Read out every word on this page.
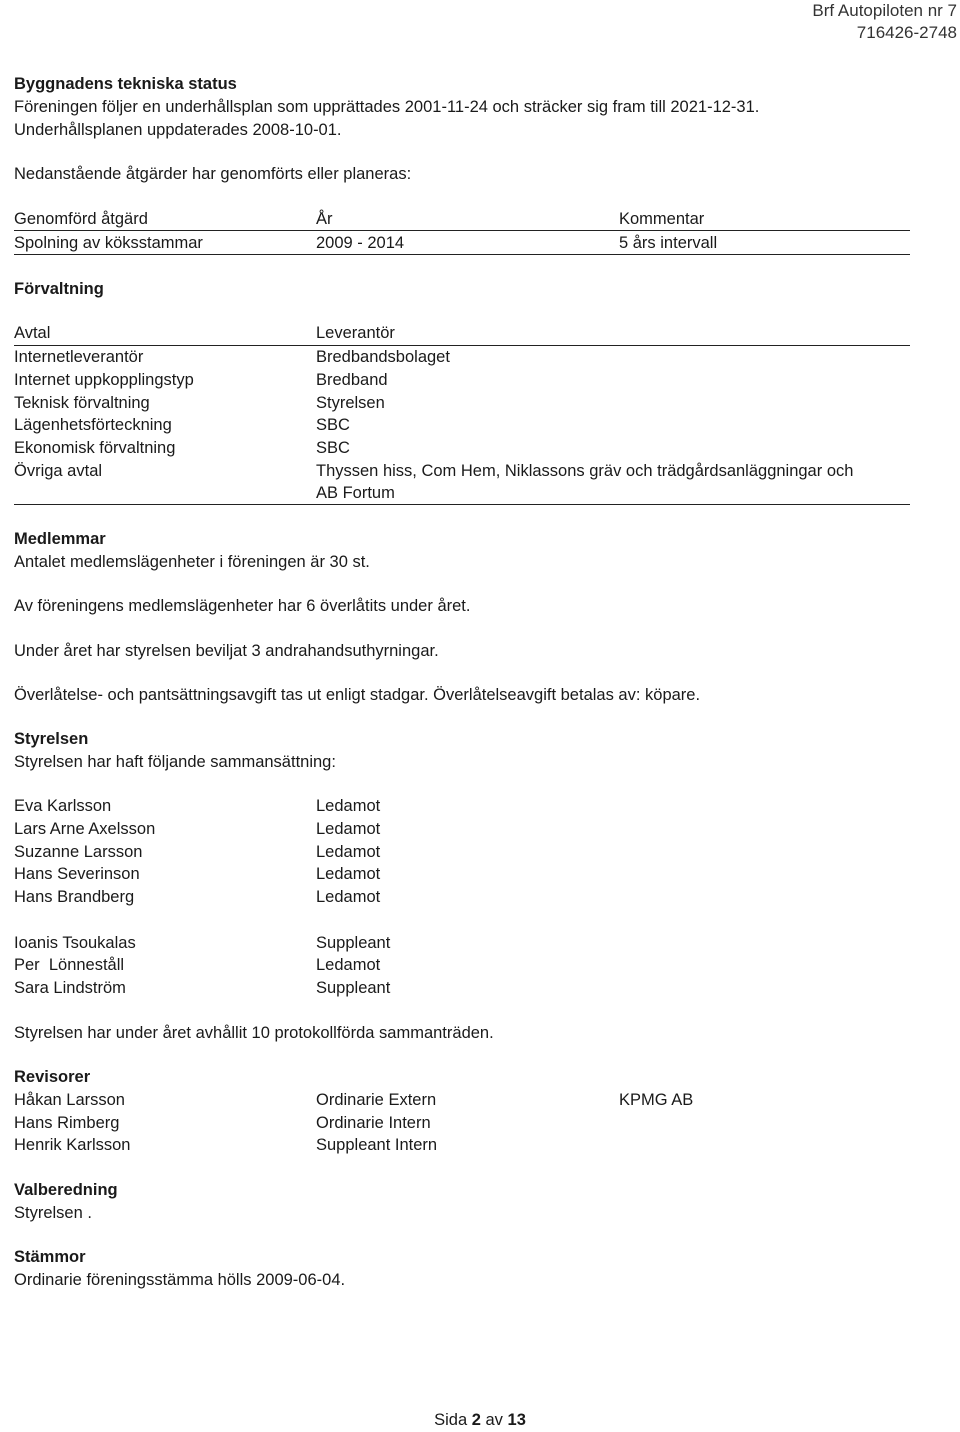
Brf Autopiloten nr 7
716426-2748
Byggnadens tekniska status
Föreningen följer en underhållsplan som upprättades 2001-11-24 och sträcker sig fram till 2021-12-31.
Underhållsplanen uppdaterades 2008-10-01.
Nedanstående åtgärder har genomförts eller planeras:
Genomförd åtgärd	År	Kommentar
Spolning av köksstammar	2009 - 2014	5 års intervall
Förvaltning
Avtal	Leverantör
Internetleverantör	Bredbandsbolaget
Internet uppkopplingstyp	Bredband
Teknisk förvaltning	Styrelsen
Lägenhetsförteckning	SBC
Ekonomisk förvaltning	SBC
Övriga avtal	Thyssen hiss, Com Hem, Niklassons gräv och trädgårdsanläggningar och
AB Fortum
Medlemmar
Antalet medlemslägenheter i föreningen är 30 st.
Av föreningens medlemslägenheter har 6 överlåtits under året.
Under året har styrelsen beviljat 3 andrahandsuthyrningar.
Överlåtelse- och pantsättningsavgift tas ut enligt stadgar. Överlåtelseavgift betalas av: köpare.
Styrelsen
Styrelsen har haft följande sammansättning:
Eva Karlsson	Ledamot
Lars Arne Axelsson	Ledamot
Suzanne Larsson	Ledamot
Hans Severinson	Ledamot
Hans Brandberg	Ledamot
Ioanis Tsoukalas	Suppleant
Per  Lönneståll	Ledamot
Sara Lindström	Suppleant
Styrelsen har under året avhållit 10 protokollförda sammanträden.
Revisorer
Håkan Larsson	Ordinarie Extern	KPMG AB
Hans Rimberg	Ordinarie Intern
Henrik Karlsson	Suppleant Intern
Valberedning
Styrelsen .
Stämmor
Ordinarie föreningsstämma hölls 2009-06-04.
Sida 2 av 13
